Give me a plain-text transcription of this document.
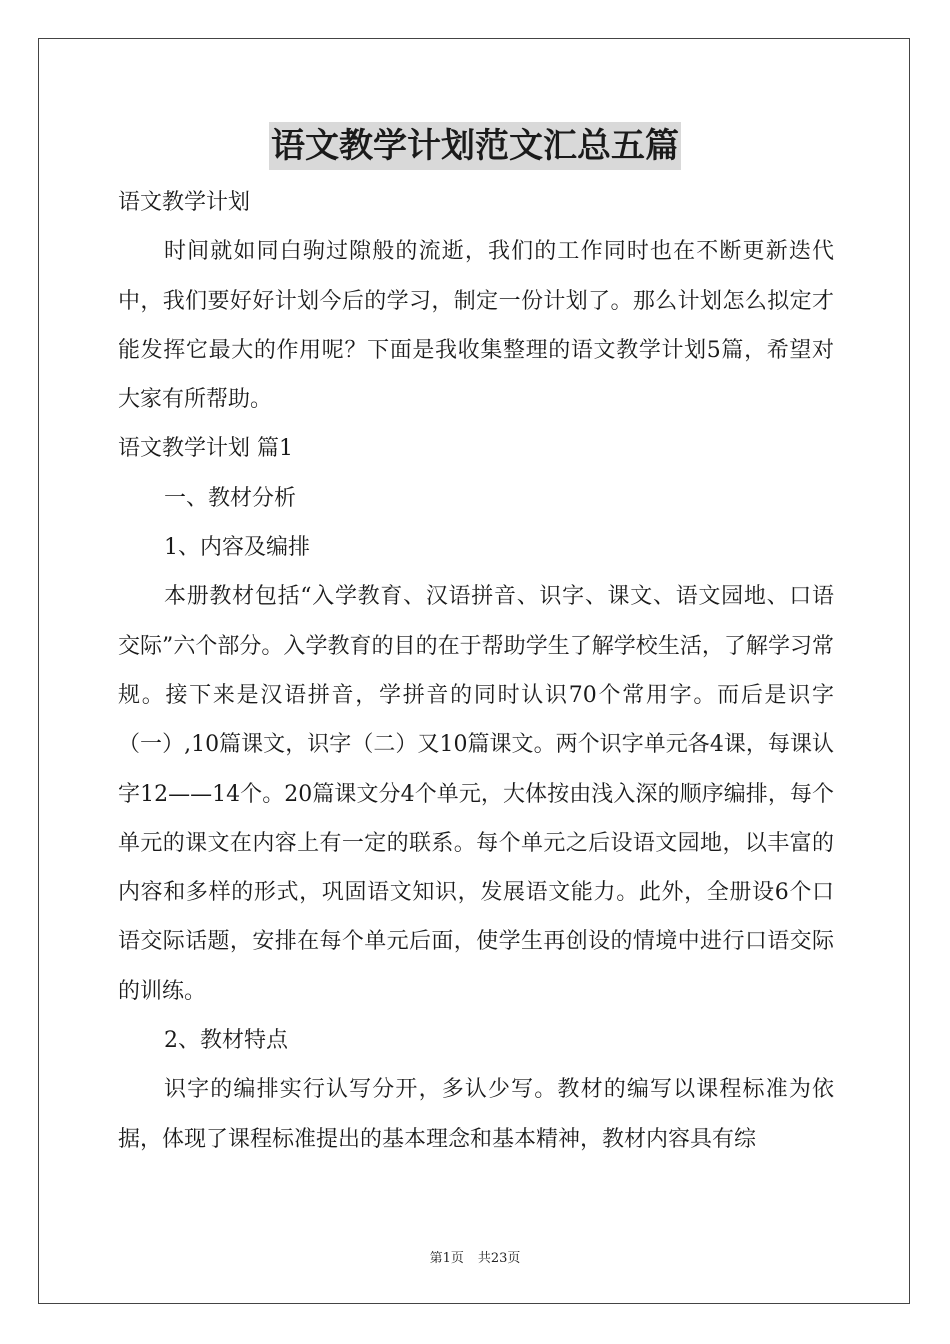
语文教学计划范文汇总五篇

语文教学计划

时间就如同白驹过隙般的流逝，我们的工作同时也在不断更新迭代中，我们要好好计划今后的学习，制定一份计划了。那么计划怎么拟定才能发挥它最大的作用呢？下面是我收集整理的语文教学计划5篇，希望对大家有所帮助。

语文教学计划 篇1

一、教材分析

1、内容及编排

本册教材包括“入学教育、汉语拼音、识字、课文、语文园地、口语交际”六个部分。入学教育的目的在于帮助学生了解学校生活，了解学习常规。接下来是汉语拼音，学拼音的同时认识70个常用字。而后是识字（一）,10篇课文，识字（二）又10篇课文。两个识字单元各4课，每课认字12——14个。20篇课文分4个单元，大体按由浅入深的顺序编排，每个单元的课文在内容上有一定的联系。每个单元之后设语文园地，以丰富的内容和多样的形式，巩固语文知识，发展语文能力。此外，全册设6个口语交际话题，安排在每个单元后面，使学生再创设的情境中进行口语交际的训练。

2、教材特点

识字的编排实行认写分开，多认少写。教材的编写以课程标准为依据，体现了课程标准提出的基本理念和基本精神，教材内容具有综

第1页 共23页
